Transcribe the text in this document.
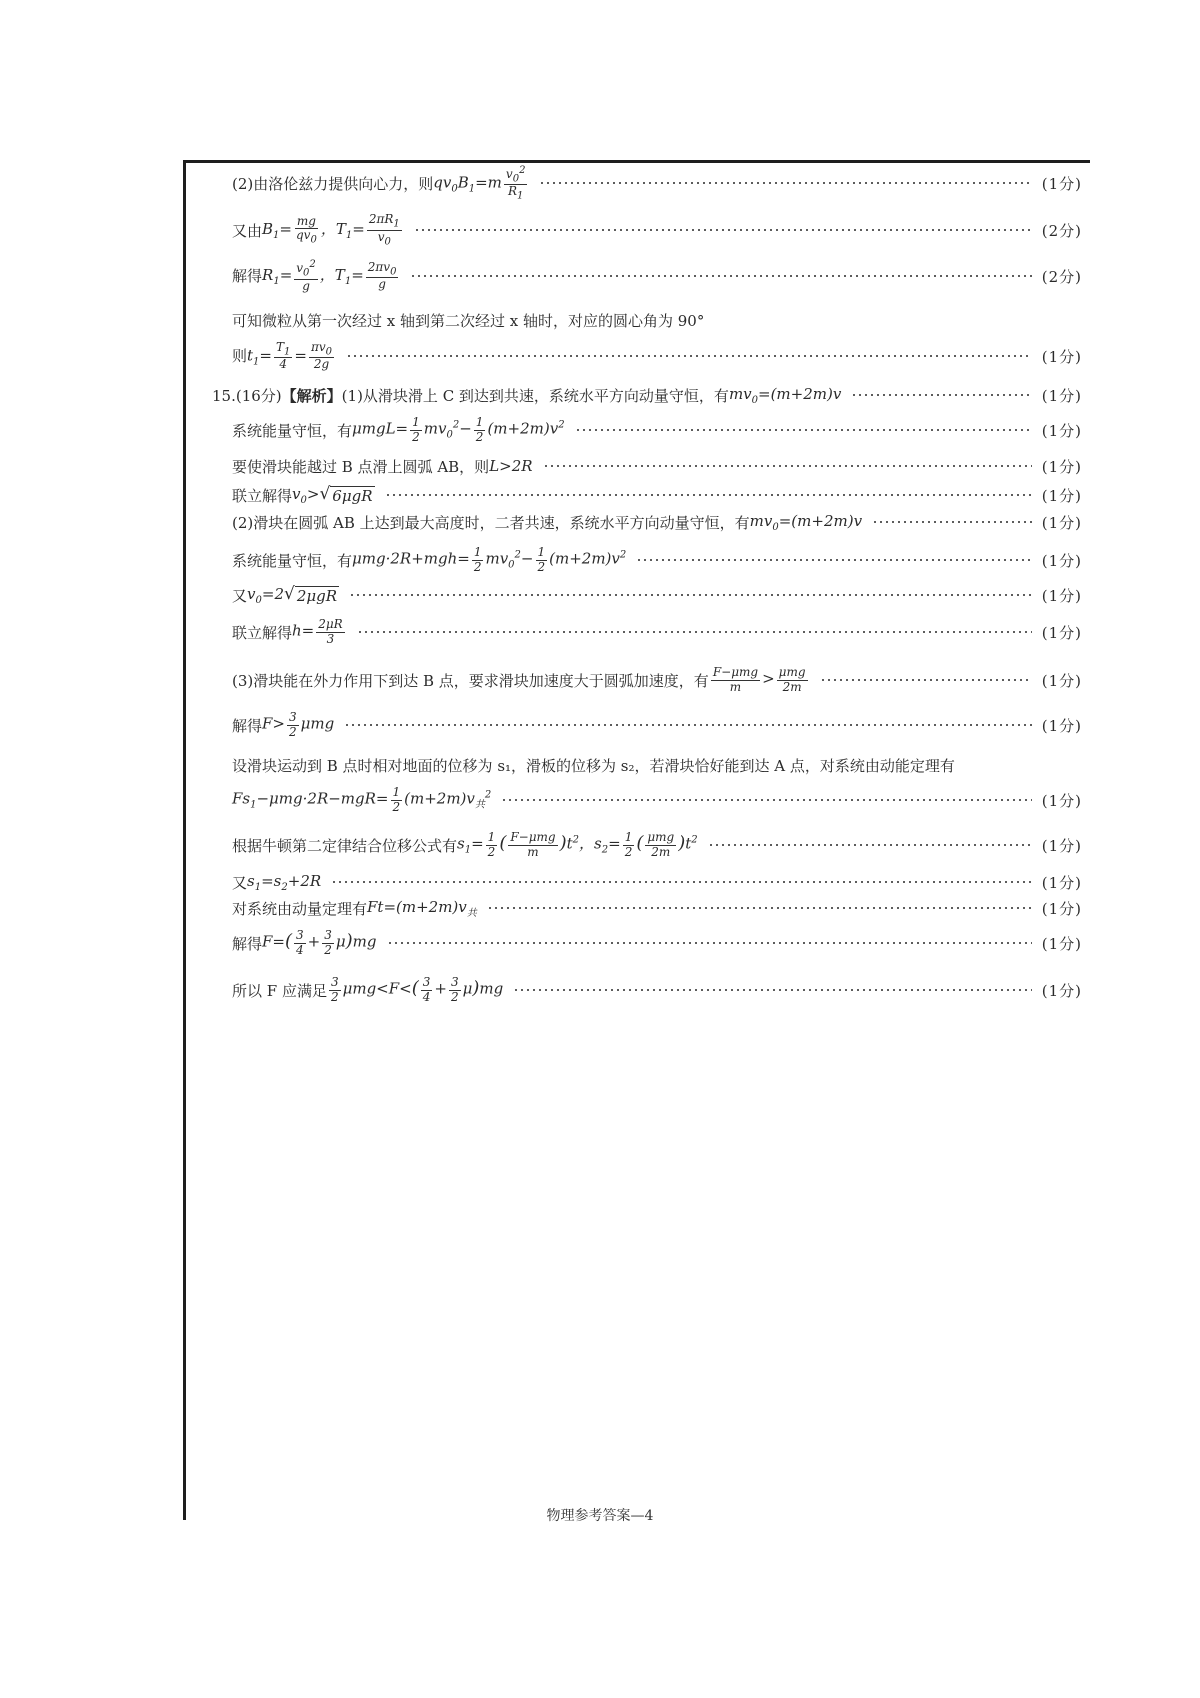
(2)由洛伦兹力提供向心力，则 $qv_0B_1=m \frac{v_0^2}{R_1}$	(1分)
又由 $B_1= \frac{mg}{qv_0}$ ，$T_1= \frac{2\pi R_1}{v_0}$	(2分)
解得 $R_1= \frac{v_0^2}{g}$ ，$T_1= \frac{2\pi v_0}{g}$	(2分)
可知微粒从第一次经过 x 轴到第二次经过 x 轴时，对应的圆心角为 90°
则 $t_1= \frac{T_1}{4} = \frac{\pi v_0}{2g}$	(1分)
15.(16分) 【解析】 (1)从滑块滑上 C 到达到共速，系统水平方向动量守恒，有 $mv_0=(m+2m)v$	(1分)
系统能量守恒，有 $\mu mgL= \frac{1}{2} mv_0^2- \frac{1}{2} (m+2m)v^2$	(1分)
要使滑块能越过 B 点滑上圆弧 AB，则 L>2R	(1分)
联立解得 $v_0>$ √ 6μgR	(1分)
(2)滑块在圆弧 AB 上达到最大高度时，二者共速，系统水平方向动量守恒，有 $mv_0=(m+2m)v$	(1分)
系统能量守恒，有 $\mu mg\cdot 2R+mgh= \frac{1}{2} mv_0^2- \frac{1}{2} (m+2m)v^2$	(1分)
又 $v_0=2$ √ 2μgR	(1分)
联立解得 $h= \frac{2\mu R}{3}$	(1分)
(3)滑块能在外力作用下到达 B 点，要求滑块加速度大于圆弧加速度，有 F−μmg
m > μmg
2m	(1分)
解得 $F> \frac{3}{2}$ μmg	(1分)
设滑块运动到 B 点时相对地面的位移为 s₁，滑板的位移为 s₂，若滑块恰好能到达 A 点，对系统由动能定理有
$Fs_1-\mu mg\cdot 2R-mgR= \frac{1}{2} (m+2m)v_共^2$	(1分)
根据牛顿第二定律结合位移公式有 $s_1= \frac{1}{2}$ ( F−μmg
m )$t^2$，$s_2= \frac{1}{2}$ ( μmg
2m )$t^2$	(1分)
又 $s_1=s_2+2R$	(1分)
对系统由动量定理有 $Ft=(m+2m)v_共$	(1分)
解得 $F=( \frac{3}{4} + \frac{3}{2} \mu)mg$	(1分)
所以 F 应满足 $\frac{3}{2} \mu mg<F<( \frac{3}{4} + \frac{3}{2} \mu)mg$	(1分)
物理参考答案—4
